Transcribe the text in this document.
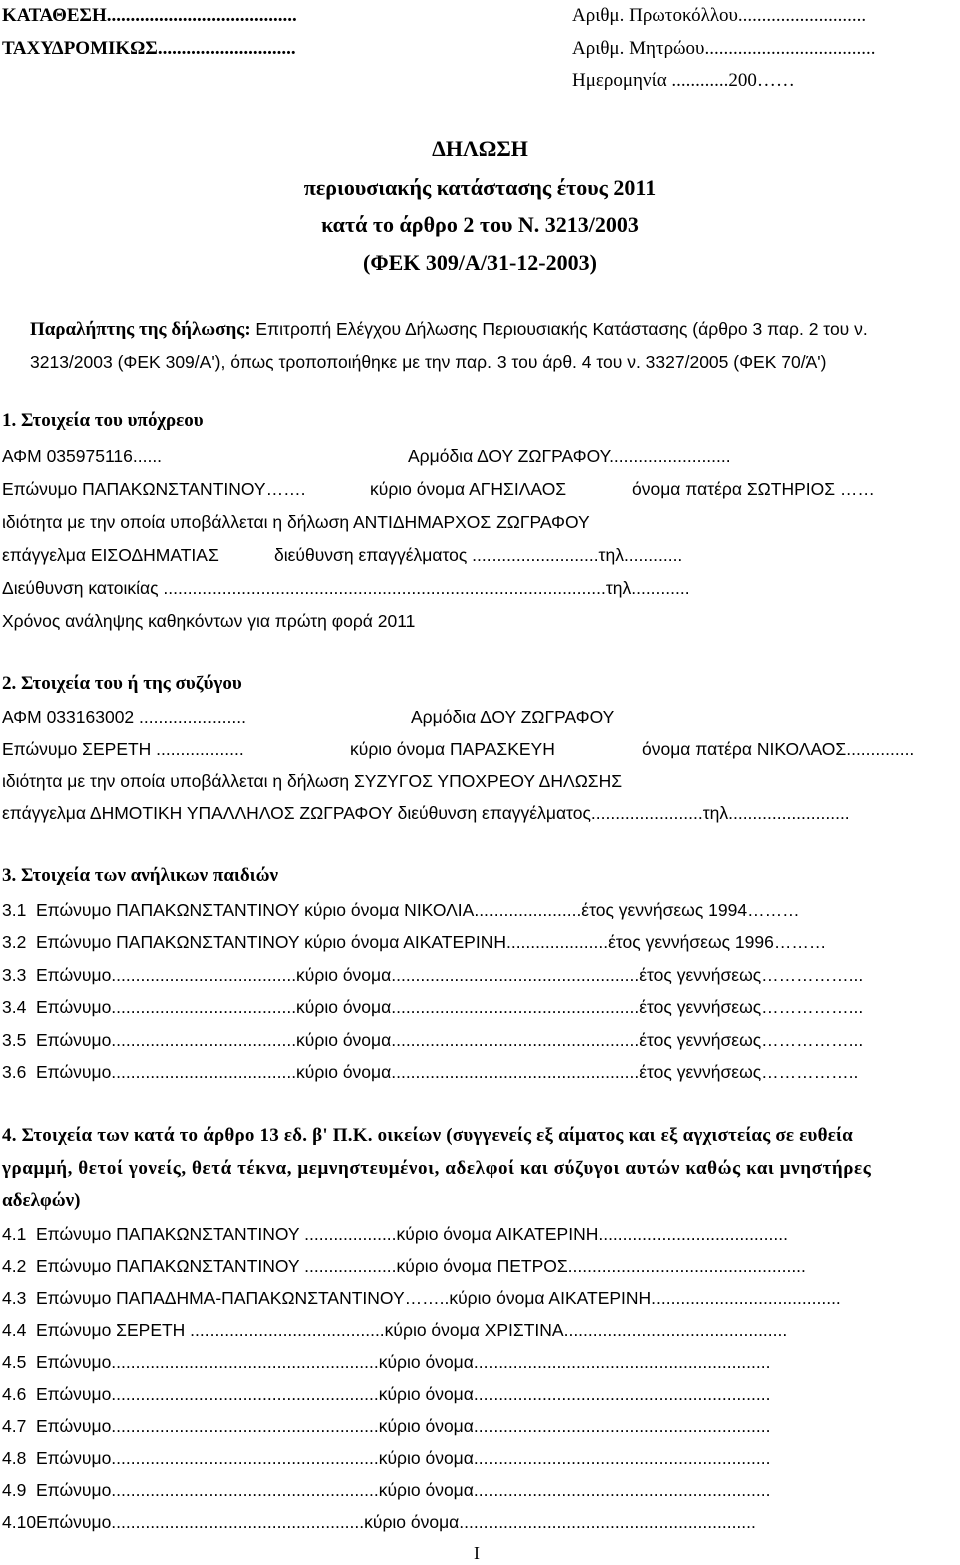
ΚΑΤΑΘΕΣΗ........................................
ΤΑΧΥΔΡΟΜΙΚΩΣ.............................
Αριθμ. Πρωτοκόλλου...........................
Αριθμ. Μητρώου....................................
Ημερομηνία ............200……
ΔΗΛΩΣΗ
περιουσιακής κατάστασης έτους 2011
κατά το άρθρο 2 του Ν. 3213/2003
(ΦΕΚ 309/Α/31-12-2003)
Παραλήπτης της δήλωσης: Επιτροπή Ελέγχου Δήλωσης Περιουσιακής Κατάστασης (άρθρο 3 παρ. 2 του ν.
3213/2003 (ΦΕΚ 309/Α'), όπως τροποποιήθηκε με την παρ. 3 του άρθ. 4 του ν. 3327/2005 (ΦΕΚ 70/Ά')
1. Στοιχεία του υπόχρεου
ΑΦΜ 035975116......	Αρμόδια ΔΟΥ ΖΩΓΡΑΦΟΥ.........................
Επώνυμο ΠΑΠΑΚΩΝΣΤΑΝΤΙΝΟΥ…….	κύριο όνομα ΑΓΗΣΙΛΑΟΣ	όνομα πατέρα ΣΩΤΗΡΙΟΣ ……
ιδιότητα με την οποία υποβάλλεται η δήλωση ΑΝΤΙΔΗΜΑΡΧΟΣ ΖΩΓΡΑΦΟΥ
επάγγελμα ΕΙΣΟΔΗΜΑΤΙΑΣ	διεύθυνση επαγγέλματος ..........................τηλ............
Διεύθυνση κατοικίας ...........................................................................................τηλ............
Χρόνος ανάληψης καθηκόντων για πρώτη φορά 2011
2. Στοιχεία του ή της συζύγου
ΑΦΜ 033163002 ......................	Αρμόδια ΔΟΥ ΖΩΓΡΑΦΟΥ
Επώνυμο ΣΕΡΕΤΗ ..................	κύριο όνομα ΠΑΡΑΣΚΕΥΗ	όνομα πατέρα ΝΙΚΟΛΑΟΣ..............
ιδιότητα με την οποία υποβάλλεται η δήλωση ΣΥΖΥΓΟΣ ΥΠΟΧΡΕΟΥ ΔΗΛΩΣΗΣ
επάγγελμα ΔΗΜΟΤΙΚΗ ΥΠΑΛΛΗΛΟΣ ΖΩΓΡΑΦΟΥ διεύθυνση επαγγέλματος.......................τηλ.........................
3. Στοιχεία των ανήλικων παιδιών
3.1 Επώνυμο ΠΑΠΑΚΩΝΣΤΑΝΤΙΝΟΥ κύριο όνομα ΝΙΚΟΛΙΑ......................έτος γεννήσεως 1994………
3.2 Επώνυμο ΠΑΠΑΚΩΝΣΤΑΝΤΙΝΟΥ κύριο όνομα ΑΙΚΑΤΕΡΙΝΗ.....................έτος γεννήσεως 1996………
3.3 Επώνυμο......................................κύριο όνομα...................................................έτος γεννήσεως……………...
3.4 Επώνυμο......................................κύριο όνομα...................................................έτος γεννήσεως……………...
3.5 Επώνυμο......................................κύριο όνομα...................................................έτος γεννήσεως……………...
3.6 Επώνυμο......................................κύριο όνομα...................................................έτος γεννήσεως……………..
4. Στοιχεία των κατά το άρθρο 13 εδ. β' Π.Κ. οικείων (συγγενείς εξ αίματος και εξ αγχιστείας σε ευθεία
γραμμή, θετοί γονείς, θετά τέκνα, μεμνηστευμένοι, αδελφοί και σύζυγοι αυτών καθώς και μνηστήρες
αδελφών)
4.1 Επώνυμο ΠΑΠΑΚΩΝΣΤΑΝΤΙΝΟΥ ...................κύριο όνομα ΑΙΚΑΤΕΡΙΝΗ.......................................
4.2 Επώνυμο ΠΑΠΑΚΩΝΣΤΑΝΤΙΝΟΥ ...................κύριο όνομα ΠΕΤΡΟΣ.................................................
4.3 Επώνυμο ΠΑΠΑΔΗΜΑ-ΠΑΠΑΚΩΝΣΤΑΝΤΙΝΟΥ……..κύριο όνομα ΑΙΚΑΤΕΡΙΝΗ.......................................
4.4 Επώνυμο ΣΕΡΕΤΗ ........................................κύριο όνομα ΧΡΙΣΤΙΝΑ..............................................
4.5 Επώνυμο.......................................................κύριο όνομα.............................................................
4.6 Επώνυμο.......................................................κύριο όνομα.............................................................
4.7 Επώνυμο.......................................................κύριο όνομα.............................................................
4.8 Επώνυμο.......................................................κύριο όνομα.............................................................
4.9 Επώνυμο.......................................................κύριο όνομα.............................................................
4.10Επώνυμο....................................................κύριο όνομα.............................................................
I
